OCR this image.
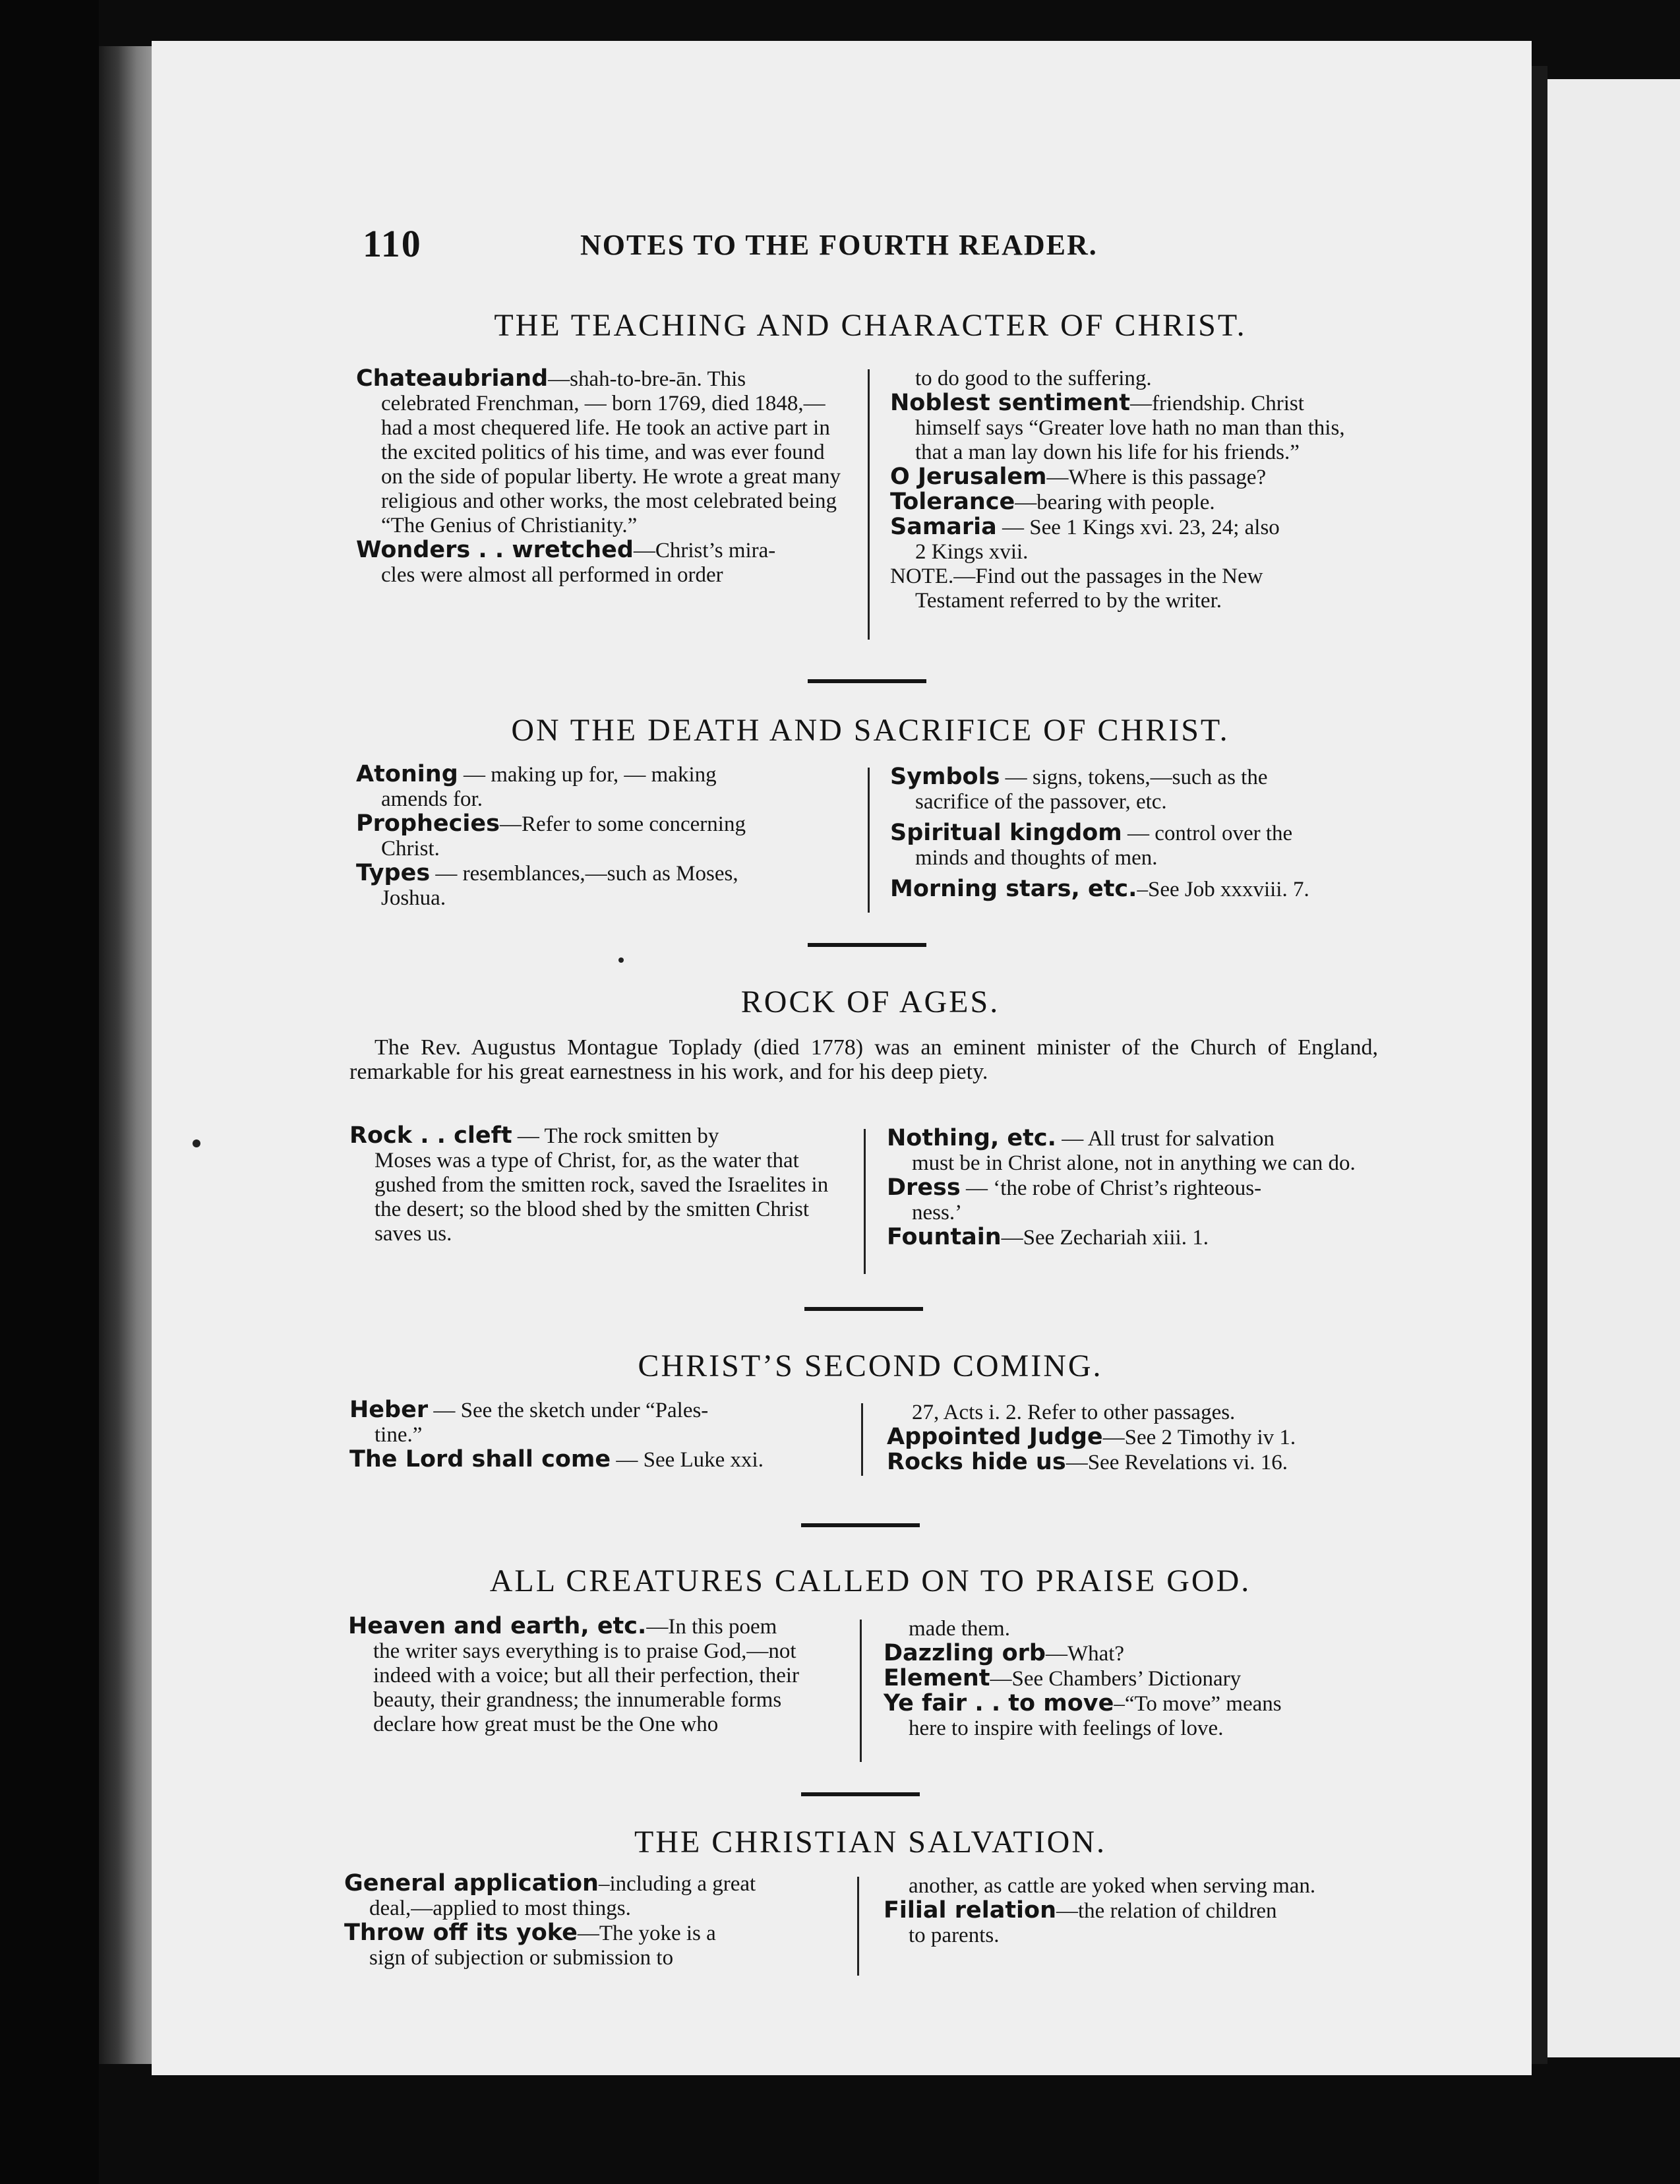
110	NOTES TO THE FOURTH READER.
THE TEACHING AND CHARACTER OF CHRIST.

Chateaubriand—shah-to-bre-ān. This
celebrated Frenchman, — born 1769, died 1848,—had a most chequered life. He took an active part in the excited politics of his time, and was ever found on the side of popular liberty. He wrote a great many religious and other works, the most celebrated being “The Genius of Christianity.”

Wonders . . wretched—Christ’s mira-
cles were almost all performed in order

to do good to the suffering.

Noblest sentiment—friendship. Christ
himself says “Greater love hath no man than this, that a man lay down his life for his friends.”

O Jerusalem—Where is this passage?

Tolerance—bearing with people.

Samaria — See 1 Kings xvi. 23, 24; also
2 Kings xvii.

NOTE.—Find out the passages in the New
Testament referred to by the writer.

ON THE DEATH AND SACRIFICE OF CHRIST.

Atoning — making up for, — making
amends for.

Prophecies—Refer to some concerning
Christ.

Types — resemblances,—such as Moses,
Joshua.

Symbols — signs, tokens,—such as the
sacrifice of the passover, etc.

Spiritual kingdom — control over the
minds and thoughts of men.

Morning stars, etc.–See Job xxxviii. 7.

ROCK OF AGES.
The Rev. Augustus Montague Toplady (died 1778) was an eminent minister of the Church of England, remarkable for his great earnestness in his work, and for his deep piety.

Rock . . cleft — The rock smitten by
Moses was a type of Christ, for, as the water that gushed from the smitten rock, saved the Israelites in the desert; so the blood shed by the smitten Christ saves us.

Nothing, etc. — All trust for salvation
must be in Christ alone, not in anything we can do.

Dress — ‘the robe of Christ’s righteous-
ness.’

Fountain—See Zechariah xiii. 1.

CHRIST’S SECOND COMING.

Heber — See the sketch under “Pales-
tine.”

The Lord shall come — See Luke xxi.

27, Acts i. 2. Refer to other passages.

Appointed Judge—See 2 Timothy iv 1.

Rocks hide us—See Revelations vi. 16.

ALL CREATURES CALLED ON TO PRAISE GOD.

Heaven and earth, etc.—In this poem
the writer says everything is to praise God,—not indeed with a voice; but all their perfection, their beauty, their grandness; the innumerable forms declare how great must be the One who

made them.

Dazzling orb—What?

Element—See Chambers’ Dictionary

Ye fair . . to move–“To move” means
here to inspire with feelings of love.

THE CHRISTIAN SALVATION.

General application–including a great
deal,—applied to most things.

Throw off its yoke—The yoke is a
sign of subjection or submission to

another, as cattle are yoked when serving man.

Filial relation—the relation of children
to parents.
